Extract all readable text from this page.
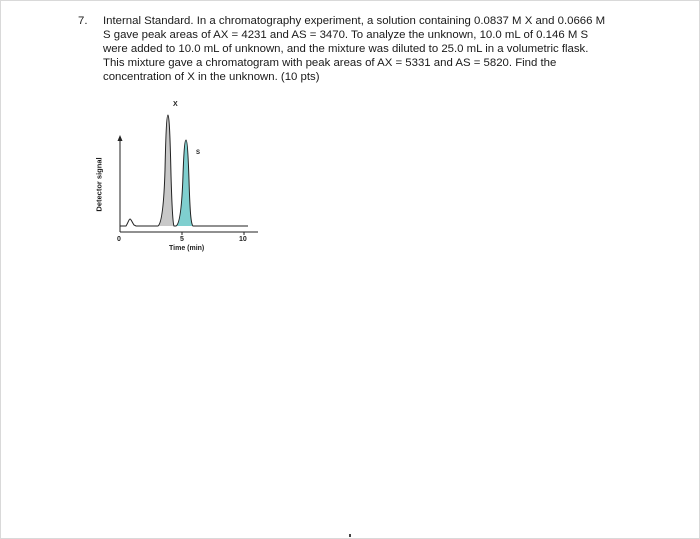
7. Internal Standard. In a chromatography experiment, a solution containing 0.0837 M X and 0.0666 M
S gave peak areas of AX = 4231 and AS = 3470. To analyze the unknown, 10.0 mL of 0.146 M S
were added to 10.0 mL of unknown, and the mixture was diluted to 25.0 mL in a volumetric flask.
This mixture gave a chromatogram with peak areas of AX = 5331 and AS = 5820. Find the
concentration of X in the unknown. (10 pts)
X
S
Detector signal
0	5	10
Time (min)
